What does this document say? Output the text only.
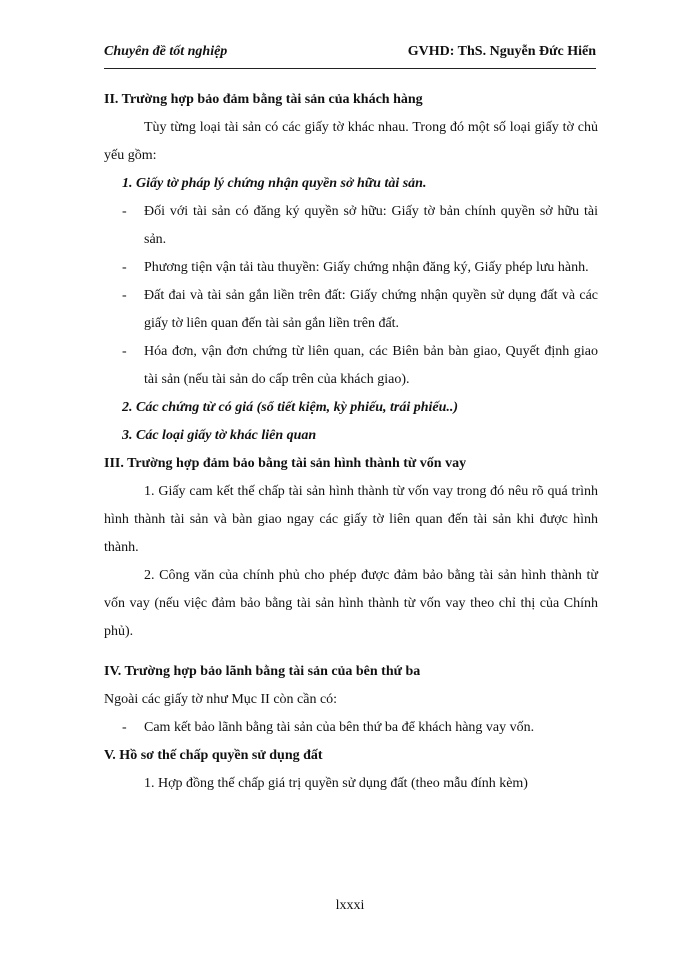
Chuyên đề tốt nghiệp	GVHD: ThS. Nguyễn Đức Hiển
II. Trường hợp bảo đảm bằng tài sản của khách hàng

Tùy từng loại tài sản có các giấy tờ khác nhau. Trong đó một số loại giấy tờ chủ yếu gồm:

1. Giấy tờ pháp lý chứng nhận quyền sở hữu tài sản.

- Đối với tài sản có đăng ký quyền sở hữu: Giấy tờ bản chính quyền sở hữu tài sản.
- Phương tiện vận tải tàu thuyền: Giấy chứng nhận đăng ký, Giấy phép lưu hành.
- Đất đai và tài sản gắn liền trên đất: Giấy chứng nhận quyền sử dụng đất và các giấy tờ liên quan đến tài sản gắn liền trên đất.
- Hóa đơn, vận đơn chứng từ liên quan, các Biên bản bàn giao, Quyết định giao tài sản (nếu tài sản do cấp trên của khách giao).

2. Các chứng từ có giá (sổ tiết kiệm, kỳ phiếu, trái phiếu..)

3. Các loại giấy tờ khác liên quan

III. Trường hợp đảm bảo bằng tài sản hình thành từ vốn vay

1. Giấy cam kết thế chấp tài sản hình thành từ vốn vay trong đó nêu rõ quá trình hình thành tài sản và bàn giao ngay các giấy tờ liên quan đến tài sản khi được hình thành.

2. Công văn của chính phủ cho phép được đảm bảo bằng tài sản hình thành từ vốn vay (nếu việc đảm bảo bằng tài sản hình thành từ vốn vay theo chỉ thị của Chính phủ).

IV. Trường hợp bảo lãnh bằng tài sản của bên thứ ba

Ngoài các giấy tờ như Mục II còn cần có:

- Cam kết bảo lãnh bằng tài sản của bên thứ ba để khách hàng vay vốn.
V. Hồ sơ thế chấp quyền sử dụng đất

1. Hợp đồng thế chấp giá trị quyền sử dụng đất (theo mẫu đính kèm)

lxxxi
